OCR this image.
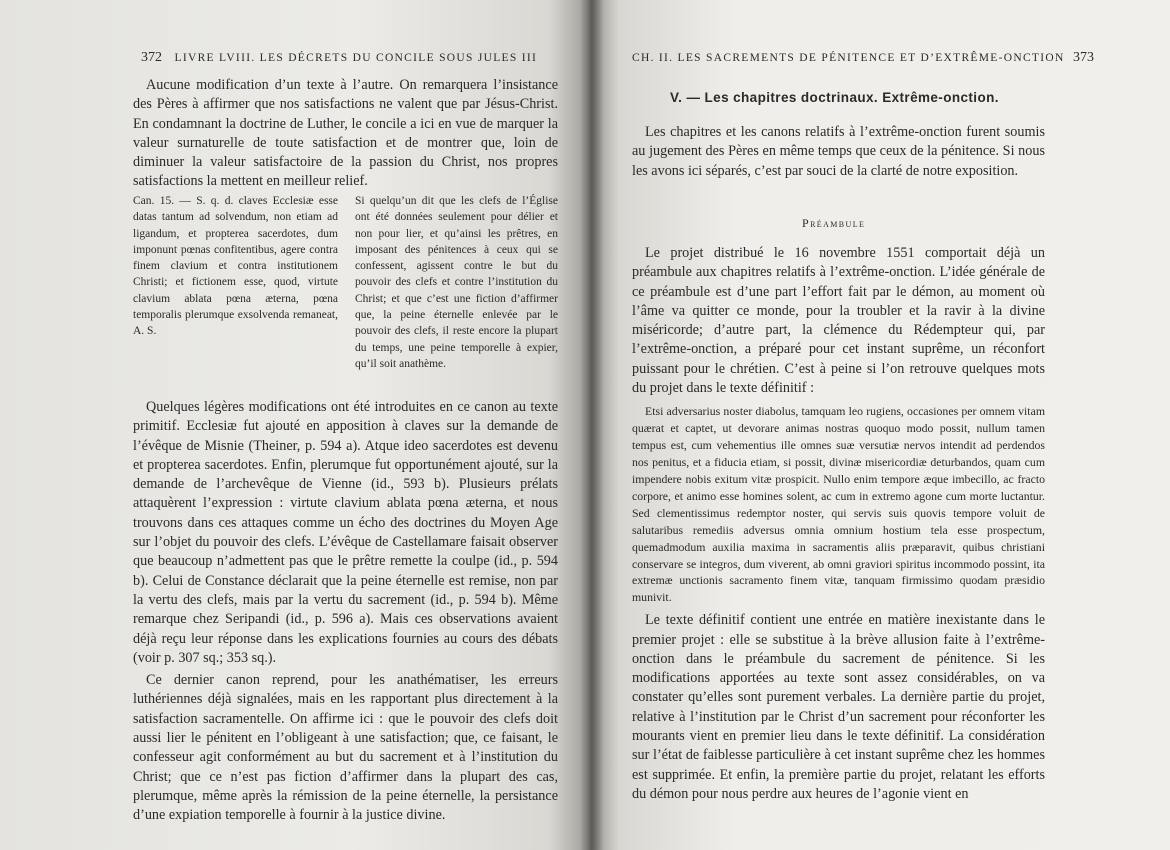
372 LIVRE LVIII. LES DÉCRETS DU CONCILE SOUS JULES III

Aucune modification d’un texte à l’autre. On remarquera l’insistance des Pères à affirmer que nos satisfactions ne valent que par Jésus-Christ. En condamnant la doctrine de Luther, le concile a ici en vue de marquer la valeur surnaturelle de toute satisfaction et de montrer que, loin de diminuer la valeur satisfactoire de la passion du Christ, nos propres satisfactions la mettent en meilleur relief.

Can. 15. — S. q. d. claves Ecclesiæ esse datas tantum ad solvendum, non etiam ad ligandum, et propterea sacerdotes, dum imponunt pœnas confitentibus, agere contra finem clavium et contra institutionem Christi; et fictionem esse, quod, virtute clavium ablata pœna æterna, pœna temporalis plerumque exsolvenda remaneat, A. S.
Si quelqu’un dit que les clefs de l’Église ont été données seulement pour délier et non pour lier, et qu’ainsi les prêtres, en imposant des pénitences à ceux qui se confessent, agissent contre le but du pouvoir des clefs et contre l’institution du Christ; et que c’est une fiction d’affirmer que, la peine éternelle enlevée par le pouvoir des clefs, il reste encore la plupart du temps, une peine temporelle à expier, qu’il soit anathème.

Quelques légères modifications ont été introduites en ce canon au texte primitif. Ecclesiæ fut ajouté en apposition à claves sur la demande de l’évêque de Misnie (Theiner, p. 594 a). Atque ideo sacerdotes est devenu et propterea sacerdotes. Enfin, plerumque fut opportunément ajouté, sur la demande de l’archevêque de Vienne (id., 593 b). Plusieurs prélats attaquèrent l’expression : virtute clavium ablata pœna æterna, et nous trouvons dans ces attaques comme un écho des doctrines du Moyen Age sur l’objet du pouvoir des clefs. L’évêque de Castellamare faisait observer que beaucoup n’admettent pas que le prêtre remette la coulpe (id., p. 594 b). Celui de Constance déclarait que la peine éternelle est remise, non par la vertu des clefs, mais par la vertu du sacrement (id., p. 594 b). Même remarque chez Seripandi (id., p. 596 a). Mais ces observations avaient déjà reçu leur réponse dans les explications fournies au cours des débats (voir p. 307 sq.; 353 sq.).

Ce dernier canon reprend, pour les anathématiser, les erreurs luthériennes déjà signalées, mais en les rapportant plus directement à la satisfaction sacramentelle. On affirme ici : que le pouvoir des clefs doit aussi lier le pénitent en l’obligeant à une satisfaction; que, ce faisant, le confesseur agit conformément au but du sacrement et à l’institution du Christ; que ce n’est pas fiction d’affirmer dans la plupart des cas, plerumque, même après la rémission de la peine éternelle, la persistance d’une expiation temporelle à fournir à la justice divine.

CH. II. LES SACREMENTS DE PÉNITENCE ET D’EXTRÊME-ONCTION 373
V. — Les chapitres doctrinaux. Extrême-onction.

Les chapitres et les canons relatifs à l’extrême-onction furent soumis au jugement des Pères en même temps que ceux de la pénitence. Si nous les avons ici séparés, c’est par souci de la clarté de notre exposition.

Préambule

Le projet distribué le 16 novembre 1551 comportait déjà un préambule aux chapitres relatifs à l’extrême-onction. L’idée générale de ce préambule est d’une part l’effort fait par le démon, au moment où l’âme va quitter ce monde, pour la troubler et la ravir à la divine miséricorde; d’autre part, la clémence du Rédempteur qui, par l’extrême-onction, a préparé pour cet instant suprême, un réconfort puissant pour le chrétien. C’est à peine si l’on retrouve quelques mots du projet dans le texte définitif :

Etsi adversarius noster diabolus, tamquam leo rugiens, occasiones per omnem vitam quærat et captet, ut devorare animas nostras quoquo modo possit, nullum tamen tempus est, cum vehementius ille omnes suæ versutiæ nervos intendit ad perdendos nos penitus, et a fiducia etiam, si possit, divinæ misericordiæ deturbandos, quam cum impendere nobis exitum vitæ prospicit. Nullo enim tempore æque imbecillo, ac fracto corpore, et animo esse homines solent, ac cum in extremo agone cum morte luctantur. Sed clementissimus redemptor noster, qui servis suis quovis tempore voluit de salutaribus remediis adversus omnia omnium hostium tela esse prospectum, quemadmodum auxilia maxima in sacramentis aliis præparavit, quibus christiani conservare se integros, dum viverent, ab omni graviori spiritus incommodo possint, ita extremæ unctionis sacramento finem vitæ, tanquam firmissimo quodam præsidio munivit.

Le texte définitif contient une entrée en matière inexistante dans le premier projet : elle se substitue à la brève allusion faite à l’extrême-onction dans le préambule du sacrement de pénitence. Si les modifications apportées au texte sont assez considérables, on va constater qu’elles sont purement verbales. La dernière partie du projet, relative à l’institution par le Christ d’un sacrement pour réconforter les mourants vient en premier lieu dans le texte définitif. La considération sur l’état de faiblesse particulière à cet instant suprême chez les hommes est supprimée. Et enfin, la première partie du projet, relatant les efforts du démon pour nous perdre aux heures de l’agonie vient en
